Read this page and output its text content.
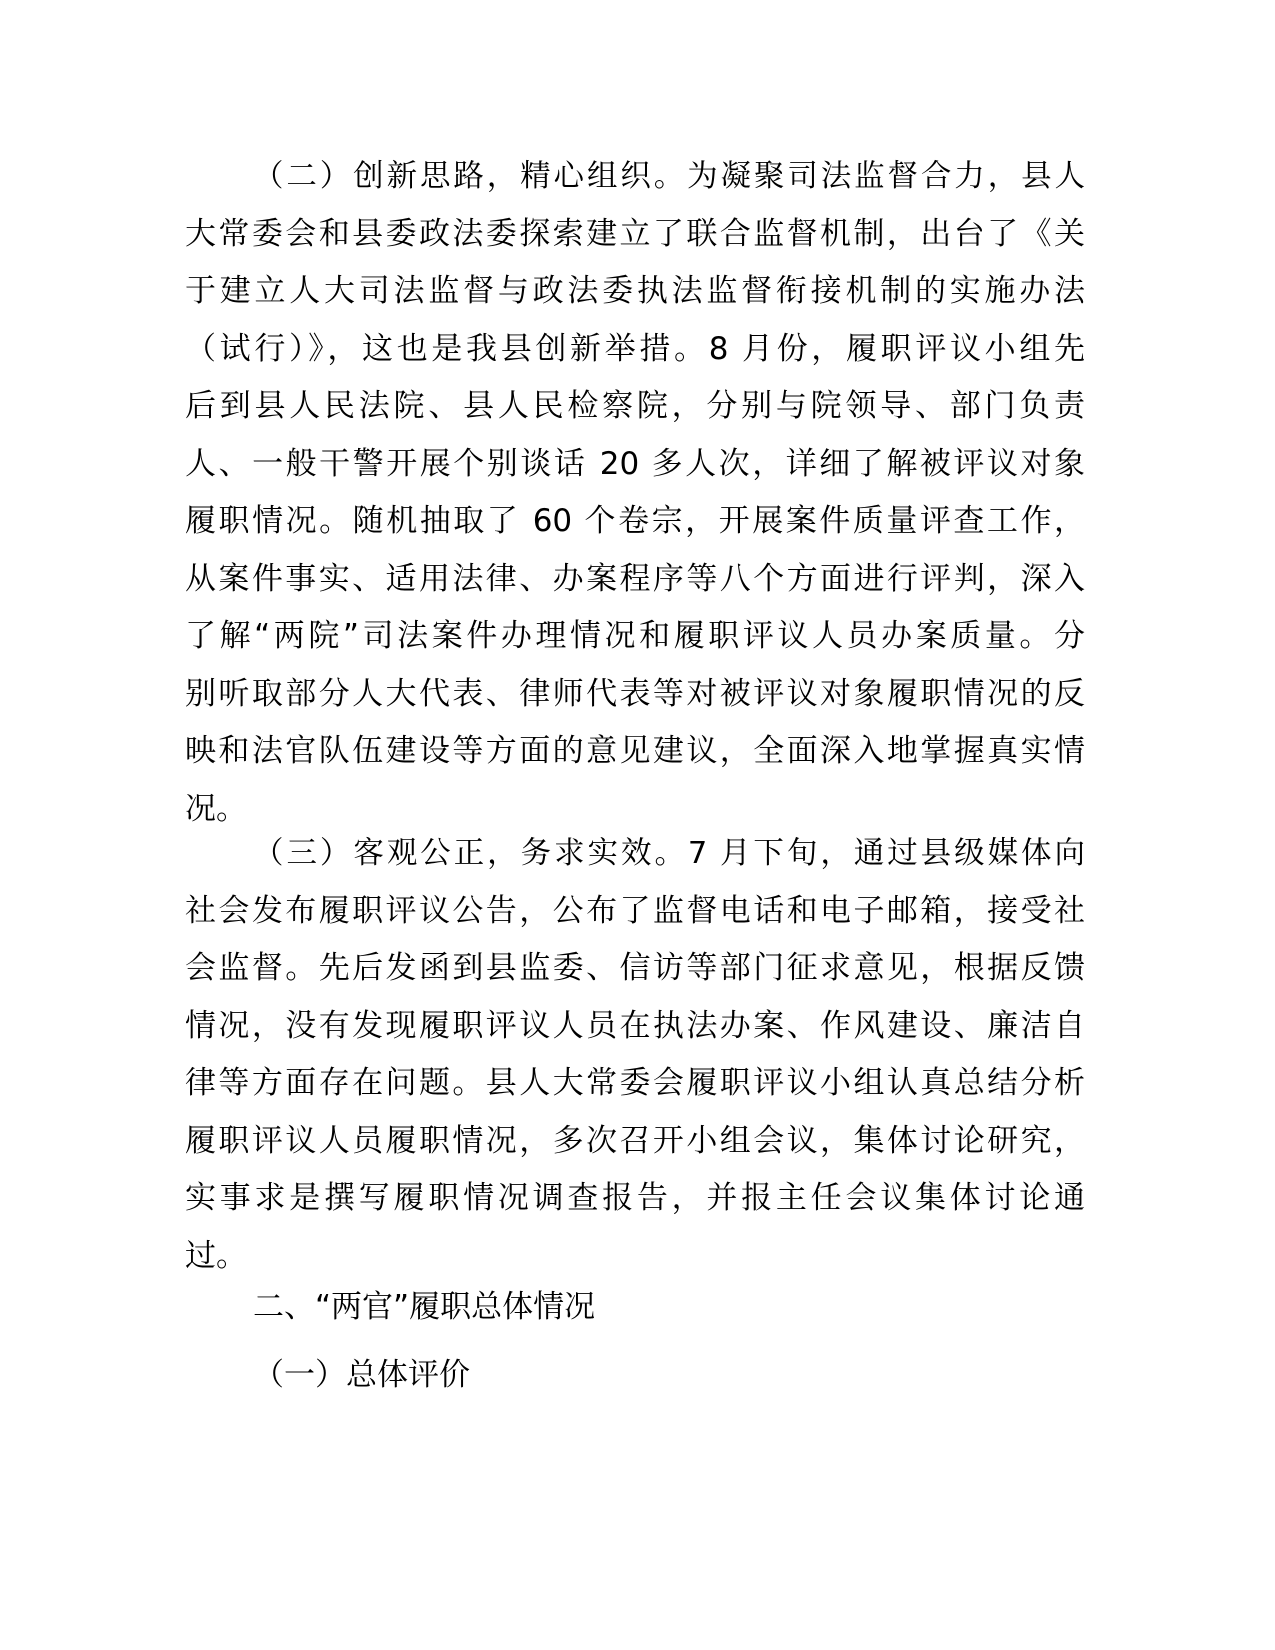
（二）创新思路，精心组织。为凝聚司法监督合力，县人
大常委会和县委政法委探索建立了联合监督机制，出台了《关
于建立人大司法监督与政法委执法监督衔接机制的实施办法
（试行）》，这也是我县创新举措。8 月份，履职评议小组先
后到县人民法院、县人民检察院，分别与院领导、部门负责
人、一般干警开展个别谈话 20 多人次，详细了解被评议对象
履职情况。随机抽取了 60 个卷宗，开展案件质量评查工作，
从案件事实、适用法律、办案程序等八个方面进行评判，深入
了解“两院”司法案件办理情况和履职评议人员办案质量。分
别听取部分人大代表、律师代表等对被评议对象履职情况的反
映和法官队伍建设等方面的意见建议，全面深入地掌握真实情
况。
（三）客观公正，务求实效。7 月下旬，通过县级媒体向
社会发布履职评议公告，公布了监督电话和电子邮箱，接受社
会监督。先后发函到县监委、信访等部门征求意见，根据反馈
情况，没有发现履职评议人员在执法办案、作风建设、廉洁自
律等方面存在问题。县人大常委会履职评议小组认真总结分析
履职评议人员履职情况，多次召开小组会议，集体讨论研究，
实事求是撰写履职情况调查报告，并报主任会议集体讨论通
过。
二、“两官”履职总体情况
（一）总体评价
